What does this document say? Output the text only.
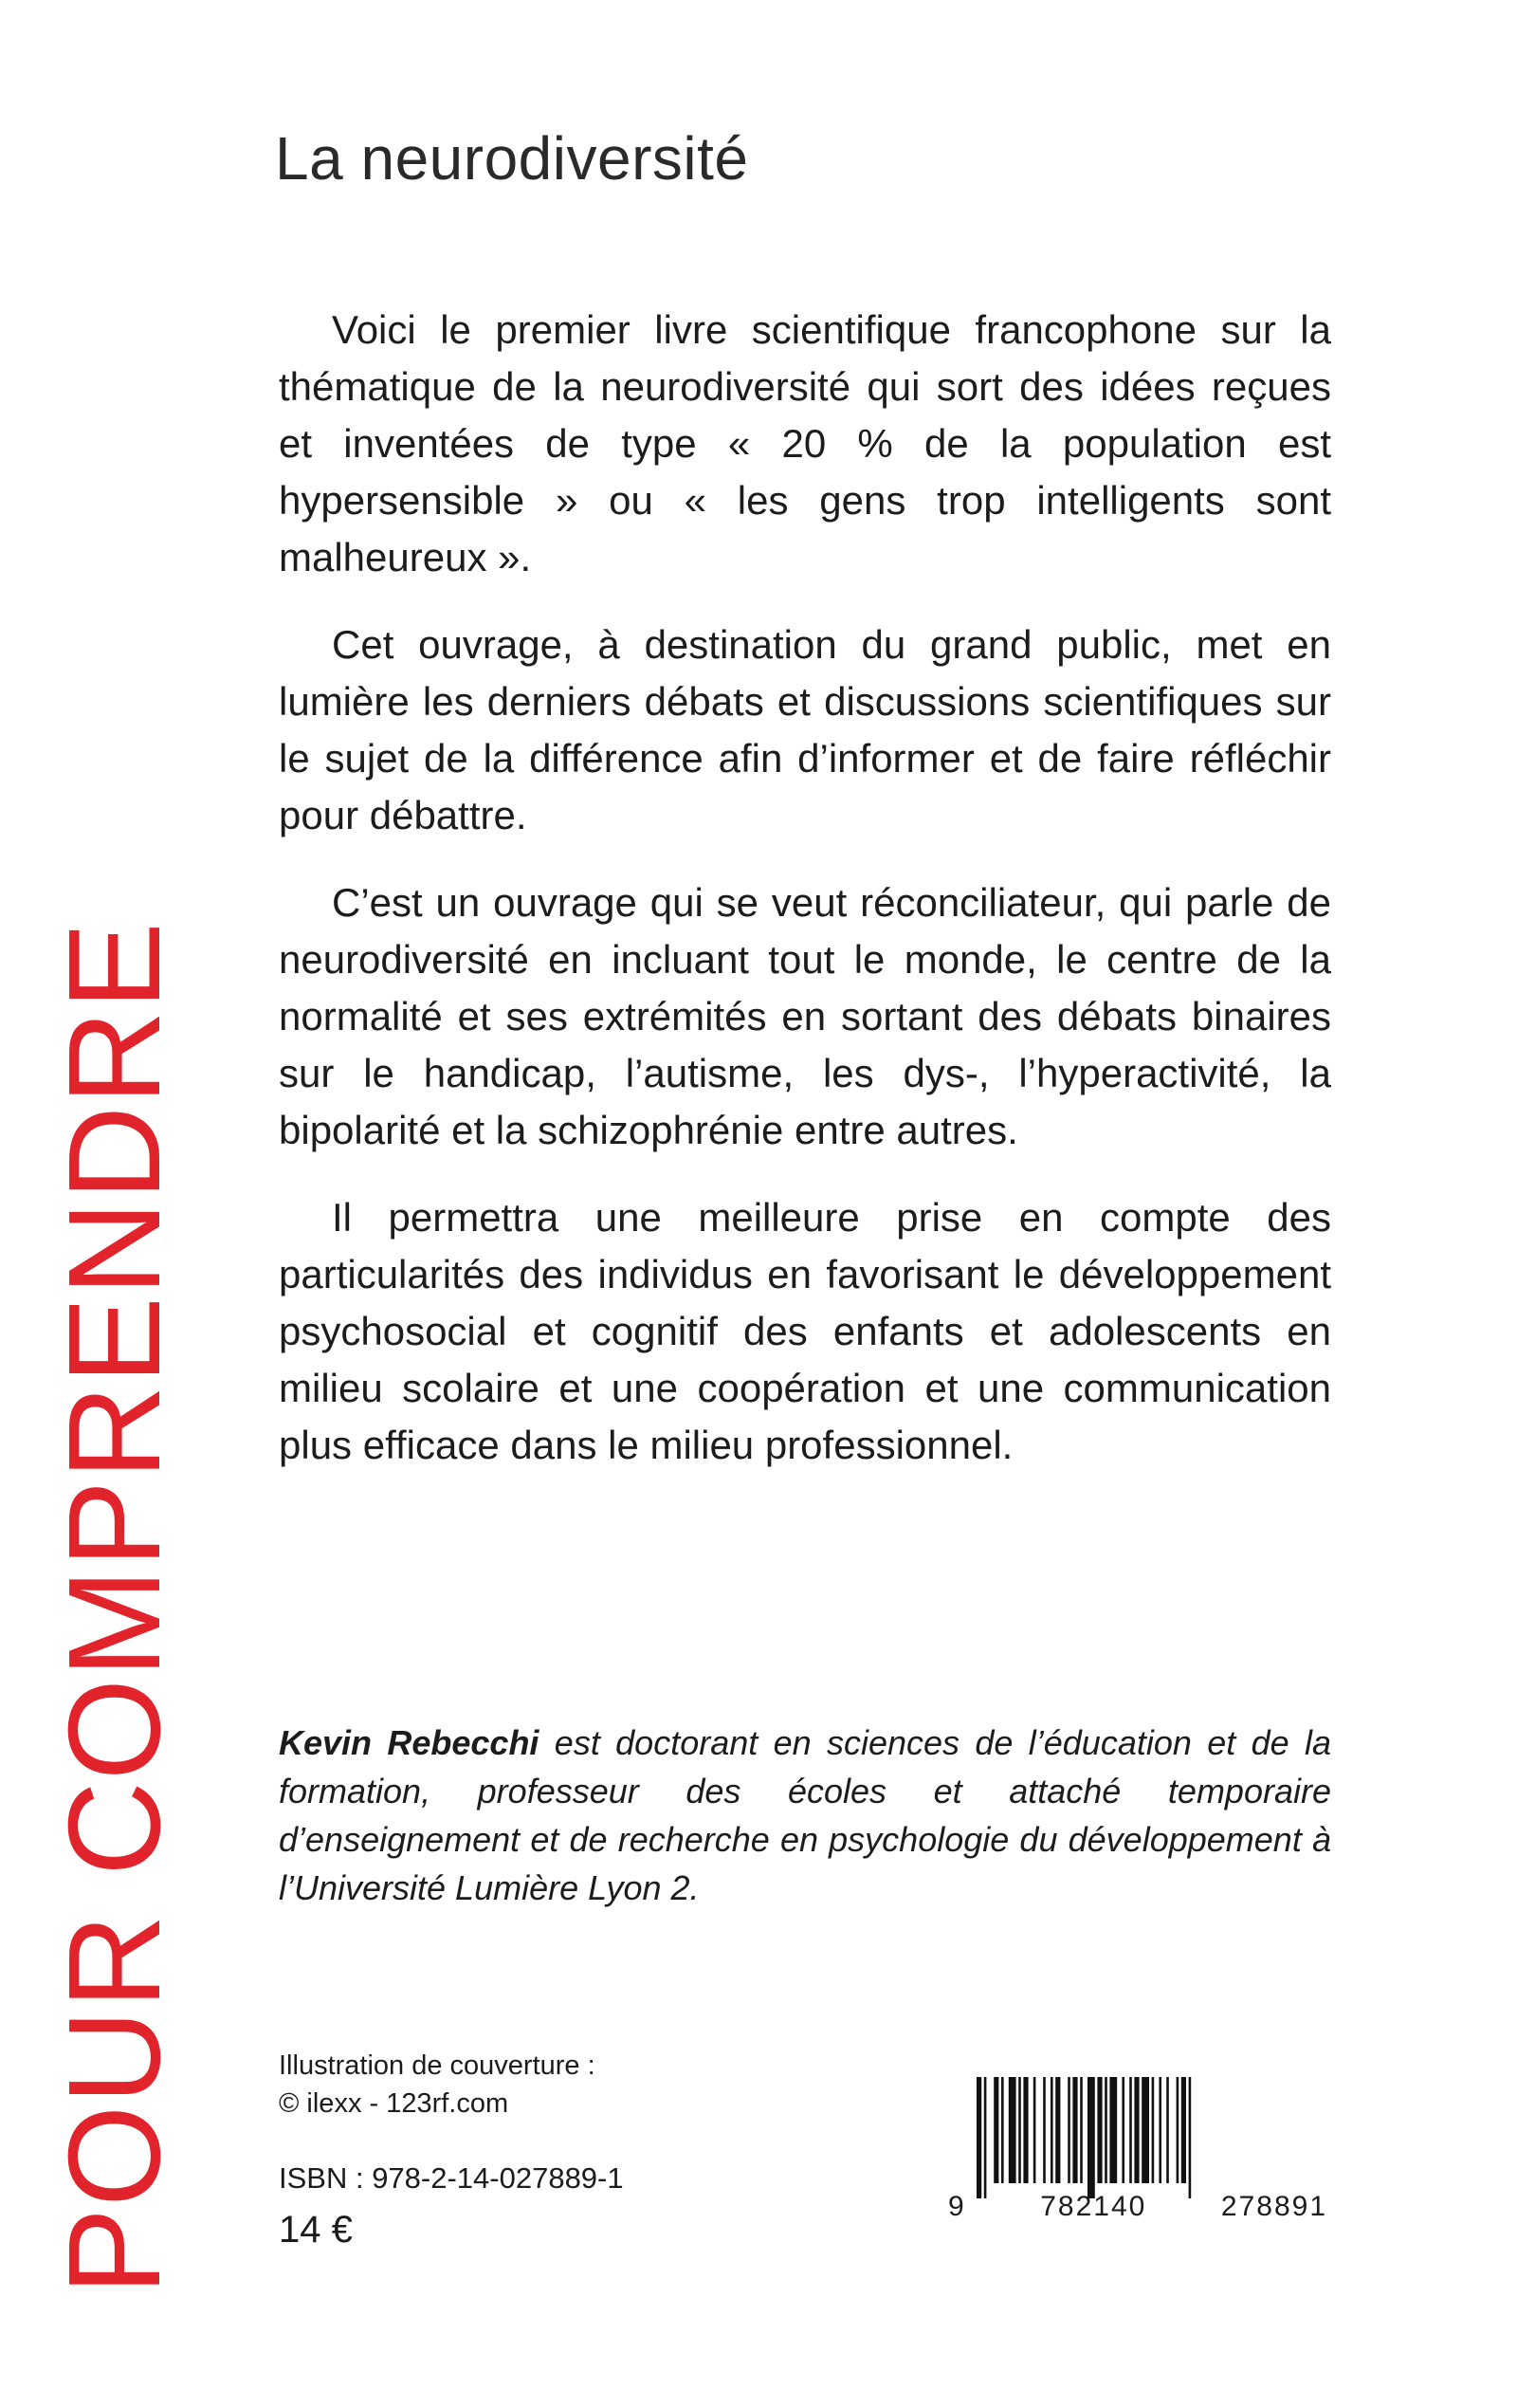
La neurodiversité

Voici le premier livre scientifique francophone sur la thématique de la neurodiversité qui sort des idées reçues et inventées de type « 20 % de la population est hypersensible » ou « les gens trop intelligents sont malheureux ».

Cet ouvrage, à destination du grand public, met en lumière les derniers débats et discussions scientifiques sur le sujet de la différence afin d’informer et de faire réfléchir pour débattre.

C’est un ouvrage qui se veut réconciliateur, qui parle de neurodiversité en incluant tout le monde, le centre de la normalité et ses extrémités en sortant des débats binaires sur le handicap, l’autisme, les dys-, l’hyperactivité, la bipolarité et la schizophrénie entre autres.

Il permettra une meilleure prise en compte des particularités des individus en favorisant le développement psychosocial et cognitif des enfants et adolescents en milieu scolaire et une coopération et une communication plus efficace dans le milieu professionnel.

Kevin Rebecchi est doctorant en sciences de l’éducation et de la formation, professeur des écoles et attaché temporaire d’enseignement et de recherche en psychologie du développement à l’Université Lumière Lyon 2.
Illustration de couverture :
© ilexx - 123rf.com
ISBN : 978-2-14-027889-1
14 €
POUR COMPRENDRE	9	782140	278891
